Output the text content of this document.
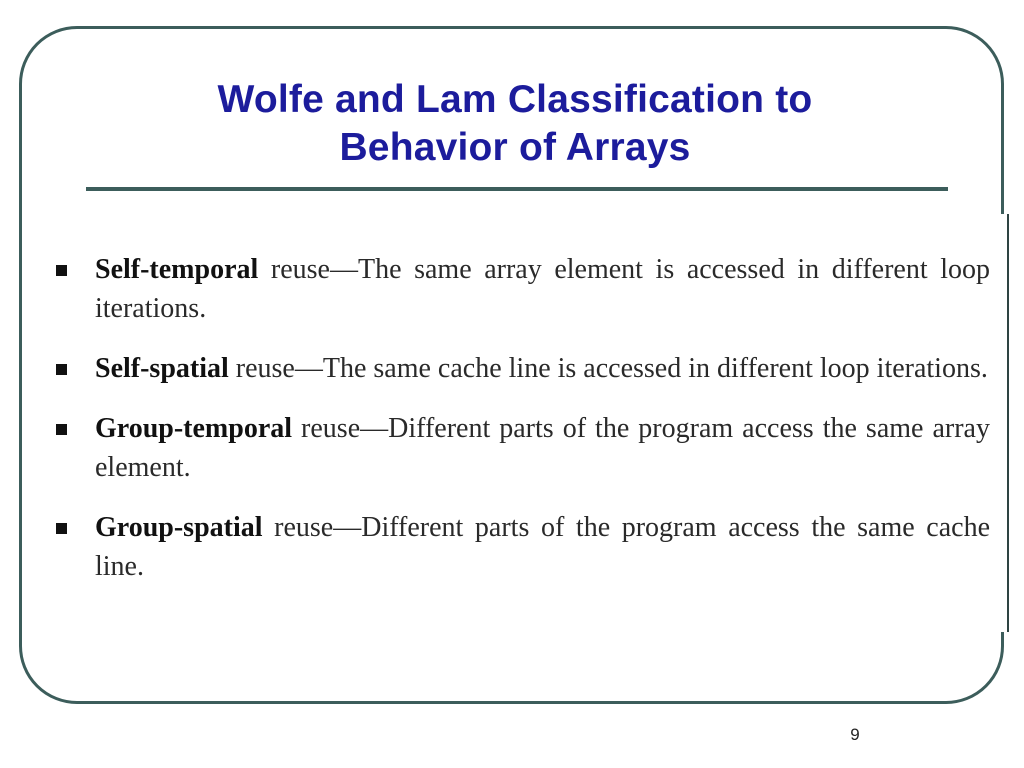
Wolfe and Lam Classification to
Behavior of Arrays
Self-temporal reuse—The same array element is accessed in different loop iterations.
Self-spatial reuse—The same cache line is accessed in different loop iterations.
Group-temporal reuse—Different parts of the program access the same array element.
Group-spatial reuse—Different parts of the program access the same cache line.
9
